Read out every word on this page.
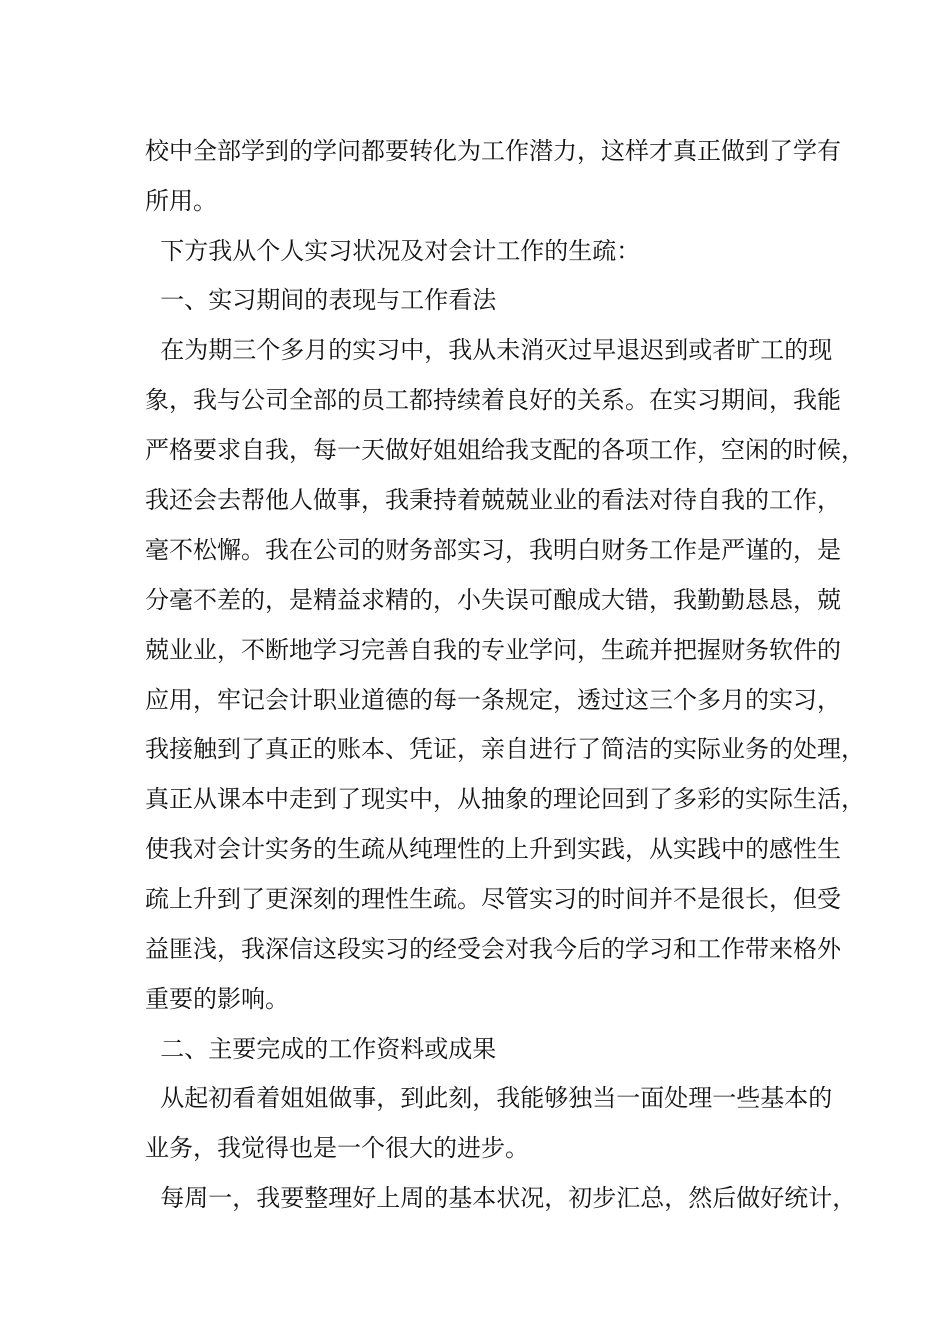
校中全部学到的学问都要转化为工作潜力，这样才真正做到了学有

所用。

下方我从个人实习状况及对会计工作的生疏：

一、实习期间的表现与工作看法

在为期三个多月的实习中，我从未消灭过早退迟到或者旷工的现

象，我与公司全部的员工都持续着良好的关系。在实习期间，我能

严格要求自我，每一天做好姐姐给我支配的各项工作，空闲的时候，

我还会去帮他人做事，我秉持着兢兢业业的看法对待自我的工作，

毫不松懈。我在公司的财务部实习，我明白财务工作是严谨的，是

分毫不差的，是精益求精的，小失误可酿成大错，我勤勤恳恳，兢

兢业业，不断地学习完善自我的专业学问，生疏并把握财务软件的

应用，牢记会计职业道德的每一条规定，透过这三个多月的实习，

我接触到了真正的账本、凭证，亲自进行了简洁的实际业务的处理，

真正从课本中走到了现实中，从抽象的理论回到了多彩的实际生活，

使我对会计实务的生疏从纯理性的上升到实践，从实践中的感性生

疏上升到了更深刻的理性生疏。尽管实习的时间并不是很长，但受

益匪浅，我深信这段实习的经受会对我今后的学习和工作带来格外

重要的影响。

二、主要完成的工作资料或成果

从起初看着姐姐做事，到此刻，我能够独当一面处理一些基本的

业务，我觉得也是一个很大的进步。

每周一，我要整理好上周的基本状况，初步汇总，然后做好统计，
